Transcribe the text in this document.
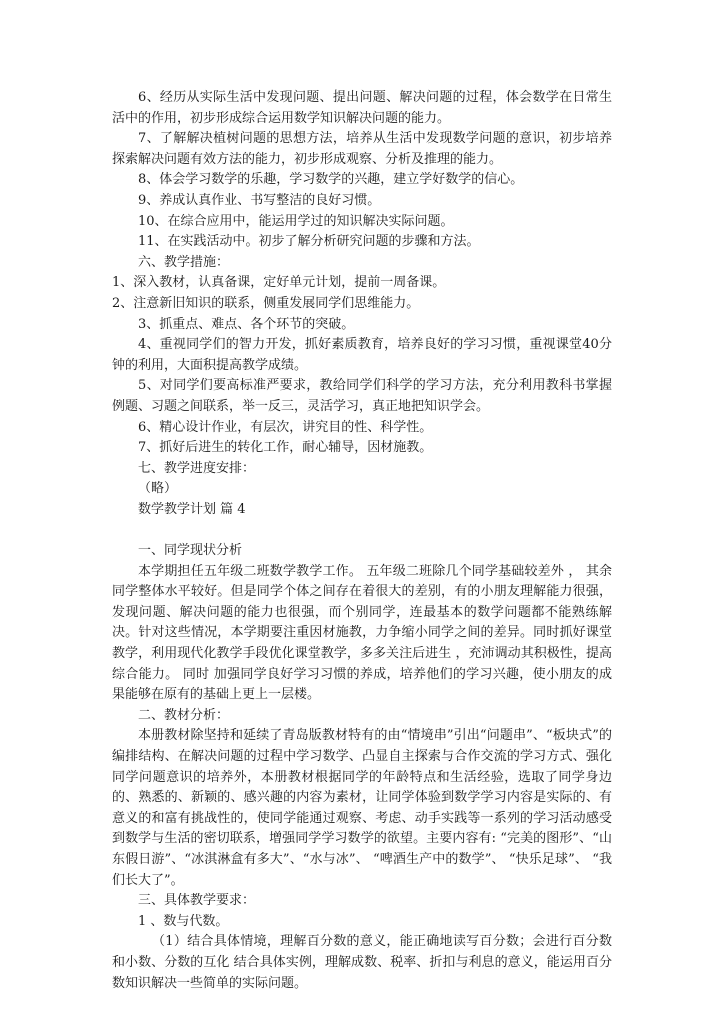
6、经历从实际生活中发现问题、提出问题、解决问题的过程，体会数学在日常生活中的作用，初步形成综合运用数学知识解决问题的能力。

7、了解解决植树问题的思想方法，培养从生活中发现数学问题的意识，初步培养探索解决问题有效方法的能力，初步形成观察、分析及推理的能力。

8、体会学习数学的乐趣，学习数学的兴趣，建立学好数学的信心。

9、养成认真作业、书写整洁的良好习惯。

10、在综合应用中，能运用学过的知识解决实际问题。

11、在实践活动中。初步了解分析研究问题的步骤和方法。

六、教学措施：

1、深入教材，认真备课，定好单元计划，提前一周备课。

2、注意新旧知识的联系，侧重发展同学们思维能力。

3、抓重点、难点、各个环节的突破。

4、重视同学们的智力开发，抓好素质教育，培养良好的学习习惯，重视课堂40分钟的利用，大面积提高教学成绩。

5、对同学们要高标准严要求，教给同学们科学的学习方法，充分利用教科书掌握例题、习题之间联系，举一反三，灵活学习，真正地把知识学会。

6、精心设计作业，有层次，讲究目的性、科学性。

7、抓好后进生的转化工作，耐心辅导，因材施教。

七、教学进度安排：

（略）

数学教学计划 篇 4

一、同学现状分析

本学期担任五年级二班数学教学工作。 五年级二班除几个同学基础较差外 ， 其余同学整体水平较好。但是同学个体之间存在着很大的差别，有的小朋友理解能力很强，发现问题、解决问题的能力也很强，而个别同学，连最基本的数学问题都不能熟练解决。针对这些情况，本学期要注重因材施教，力争缩小同学之间的差异。同时抓好课堂教学，利用现代化教学手段优化课堂教学，多多关注后进生 ，充沛调动其积极性，提高综合能力。 同时 加强同学良好学习习惯的养成，培养他们的学习兴趣，使小朋友的成果能够在原有的基础上更上一层楼。

二、教材分析：

本册教材除坚持和延续了青岛版教材特有的由“情境串”引出“问题串”、“板块式”的编排结构、在解决问题的过程中学习数学、凸显自主探索与合作交流的学习方式、强化同学问题意识的培养外，本册教材根据同学的年龄特点和生活经验，选取了同学身边的、熟悉的、新颖的、感兴趣的内容为素材，让同学体验到数学学习内容是实际的、有意义的和富有挑战性的，使同学能通过观察、考虑、动手实践等一系列的学习活动感受到数学与生活的密切联系，增强同学学习数学的欲望。主要内容有: “完美的图形”、“山东假日游”、“冰淇淋盒有多大”、“水与冰”、 “啤酒生产中的数学”、 “快乐足球”、 “我们长大了”。

三、具体教学要求：

1 、数与代数。

（1）结合具体情境，理解百分数的意义，能正确地读写百分数；会进行百分数和小数、分数的互化 结合具体实例，理解成数、税率、折扣与利息的意义，能运用百分数知识解决一些简单的实际问题。
